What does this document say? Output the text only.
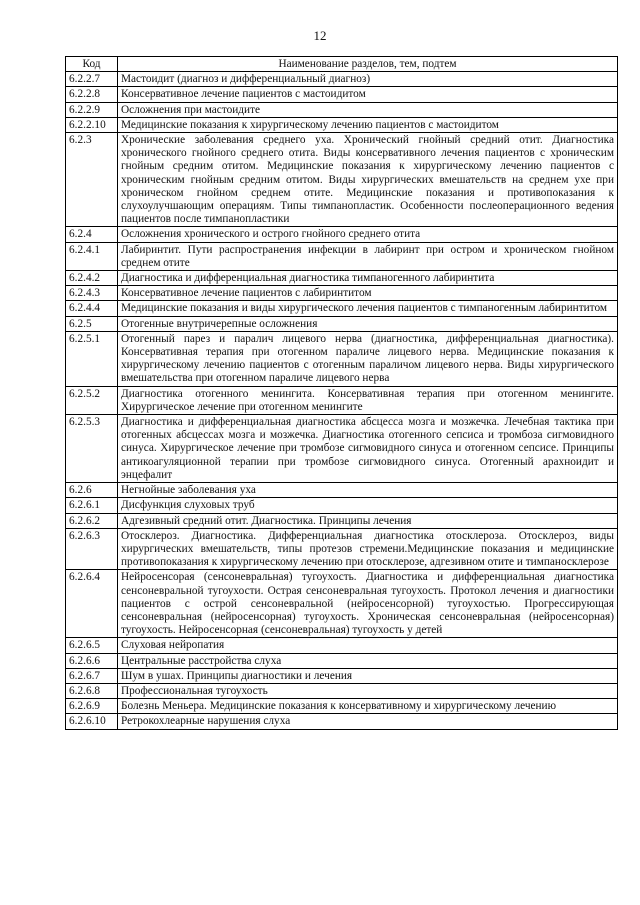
12
Код	Наименование разделов, тем, подтем
6.2.2.7	Мастоидит (диагноз и дифференциальный диагноз)
6.2.2.8	Консервативное лечение пациентов с мастоидитом
6.2.2.9	Осложнения при мастоидите
6.2.2.10	Медицинские показания к хирургическому лечению пациентов с мастоидитом
6.2.3	Хронические заболевания среднего уха. Хронический гнойный средний отит. Диагностика хронического гнойного среднего отита. Виды консервативного лечения пациентов с хроническим гнойным средним отитом. Медицинские показания к хирургическому лечению пациентов с хроническим гнойным средним отитом. Виды хирургических вмешательств на среднем ухе при хроническом гнойном среднем отите. Медицинские показания и противопоказания к слухоулучшающим операциям. Типы тимпанопластик. Особенности послеоперационного ведения пациентов после тимпанопластики
6.2.4	Осложнения хронического и острого гнойного среднего отита
6.2.4.1	Лабиринтит. Пути распространения инфекции в лабиринт при остром и хроническом гнойном среднем отите
6.2.4.2	Диагностика и дифференциальная диагностика тимпаногенного лабиринтита
6.2.4.3	Консервативное лечение пациентов с лабиринтитом
6.2.4.4	Медицинские показания и виды хирургического лечения пациентов с тимпаногенным лабиринтитом
6.2.5	Отогенные внутричерепные осложнения
6.2.5.1	Отогенный парез и паралич лицевого нерва (диагностика, дифференциальная диагностика). Консервативная терапия при отогенном параличе лицевого нерва. Медицинские показания к хирургическому лечению пациентов с отогенным параличом лицевого нерва. Виды хирургического вмешательства при отогенном параличе лицевого нерва
6.2.5.2	Диагностика отогенного менингита. Консервативная терапия при отогенном менингите. Хирургическое лечение при отогенном менингите
6.2.5.3	Диагностика и дифференциальная диагностика абсцесса мозга и мозжечка. Лечебная тактика при отогенных абсцессах мозга и мозжечка. Диагностика отогенного сепсиса и тромбоза сигмовидного синуса. Хирургическое лечение при тромбозе сигмовидного синуса и отогенном сепсисе. Принципы антикоагуляционной терапии при тромбозе сигмовидного синуса. Отогенный арахноидит и энцефалит
6.2.6	Негнойные заболевания уха
6.2.6.1	Дисфункция слуховых труб
6.2.6.2	Адгезивный средний отит. Диагностика. Принципы лечения
6.2.6.3	Отосклероз. Диагностика. Дифференциальная диагностика отосклероза. Отосклероз, виды хирургических вмешательств, типы протезов стремени.Медицинские показания и медицинские противопоказания к хирургическому лечению при отосклерозе, адгезивном отите и тимпаносклерозе
6.2.6.4	Нейросенсорая (сенсоневральная) тугоухость. Диагностика и дифференциальная диагностика сенсоневральной тугоухости. Острая сенсоневральная тугоухость. Протокол лечения и диагностики пациентов с острой сенсоневральной (нейросенсорной) тугоухостью. Прогрессирующая сенсоневральная (нейросенсорная) тугоухость. Хроническая сенсоневральная (нейросенсорная) тугоухость. Нейросенсорная (сенсоневральная) тугоухость у детей
6.2.6.5	Слуховая нейропатия
6.2.6.6	Центральные расстройства слуха
6.2.6.7	Шум в ушах. Принципы диагностики и лечения
6.2.6.8	Профессиональная тугоухость
6.2.6.9	Болезнь Меньера. Медицинские показания к консервативному и хирургическому лечению
6.2.6.10	Ретрокохлеарные нарушения слуха
